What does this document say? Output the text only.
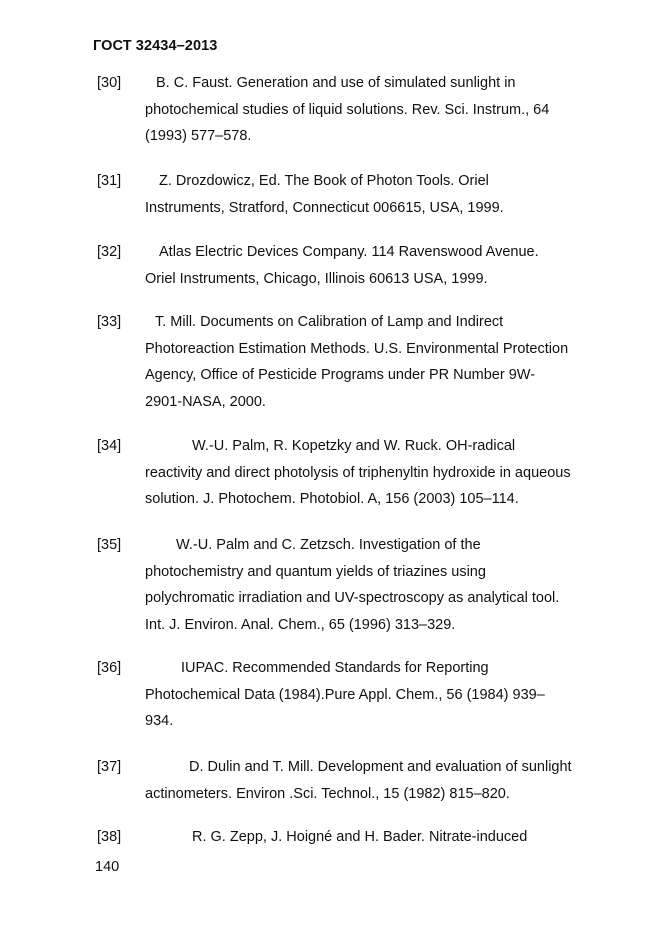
ГОСТ 32434–2013
[30]	B. C. Faust. Generation and use of simulated sunlight in
photochemical studies of liquid solutions. Rev. Sci. Instrum., 64
(1993) 577–578.
[31]	Z. Drozdowicz, Ed. The Book of Photon Tools. Oriel
Instruments, Stratford, Connecticut 006615, USA, 1999.
[32]	Atlas Electric Devices Company. 114 Ravenswood Avenue.
Oriel Instruments, Chicago, Illinois 60613 USA, 1999.
[33]	T. Mill. Documents on Calibration of Lamp and Indirect
Photoreaction Estimation Methods. U.S. Environmental Protection
Agency, Office of Pesticide Programs under PR Number 9W-
2901-NASA, 2000.
[34]	W.-U. Palm, R. Kopetzky and W. Ruck. OH-radical
reactivity and direct photolysis of triphenyltin hydroxide in aqueous
solution. J. Photochem. Photobiol. A, 156 (2003) 105–114.
[35]	W.-U. Palm and C. Zetzsch. Investigation of the
photochemistry and quantum yields of triazines using
polychromatic irradiation and UV-spectroscopy as analytical tool.
Int. J. Environ. Anal. Chem., 65 (1996) 313–329.
[36]	IUPAC. Recommended Standards for Reporting
Photochemical Data (1984).Pure Appl. Chem., 56 (1984) 939–
934.
[37]	D. Dulin and T. Mill. Development and evaluation of sunlight
actinometers. Environ .Sci. Technol., 15 (1982) 815–820.
[38]	R. G. Zepp, J. Hoigné and H. Bader. Nitrate-induced
140
